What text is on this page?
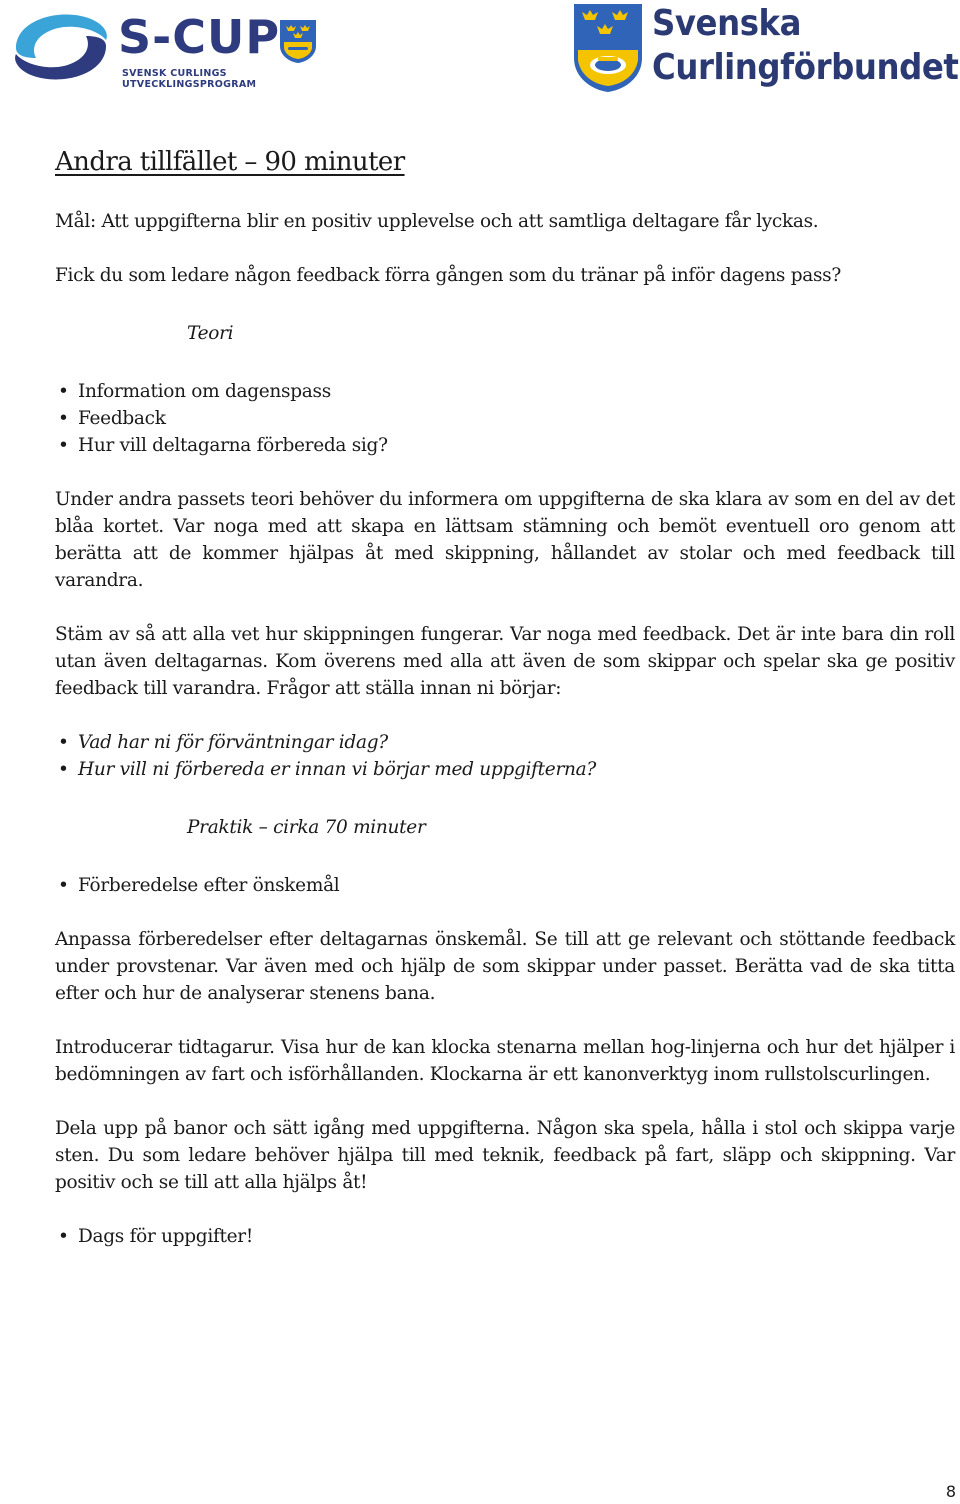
S-CUP
SVENSK CURLINGS UTVECKLINGSPROGRAM
Svenska
Curlingförbundet
Andra tillfället – 90 minuter

Mål: Att uppgifterna blir en positiv upplevelse och att samtliga deltagare får lyckas.

Fick du som ledare någon feedback förra gången som du tränar på inför dagens pass?

Teori
• Information om dagenspass
• Feedback
• Hur vill deltagarna förbereda sig?

Under andra passets teori behöver du informera om uppgifterna de ska klara av som en del av det blåa kortet. Var noga med att skapa en lättsam stämning och bemöt eventuell oro genom att berätta att de kommer hjälpas åt med skippning, hållandet av stolar och med feedback till varandra.

Stäm av så att alla vet hur skippningen fungerar. Var noga med feedback. Det är inte bara din roll utan även deltagarnas. Kom överens med alla att även de som skippar och spelar ska ge positiv feedback till varandra. Frågor att ställa innan ni börjar:

• Vad har ni för förväntningar idag?
• Hur vill ni förbereda er innan vi börjar med uppgifterna?
Praktik – cirka 70 minuter
• Förberedelse efter önskemål

Anpassa förberedelser efter deltagarnas önskemål. Se till att ge relevant och stöttande feedback under provstenar. Var även med och hjälp de som skippar under passet. Berätta vad de ska titta efter och hur de analyserar stenens bana.

Introducerar tidtagarur. Visa hur de kan klocka stenarna mellan hog-linjerna och hur det hjälper i bedömningen av fart och isförhållanden. Klockarna är ett kanonverktyg inom rullstolscurlingen.

Dela upp på banor och sätt igång med uppgifterna. Någon ska spela, hålla i stol och skippa varje sten. Du som ledare behöver hjälpa till med teknik, feedback på fart, släpp och skippning. Var positiv och se till att alla hjälps åt!

• Dags för uppgifter!
8
